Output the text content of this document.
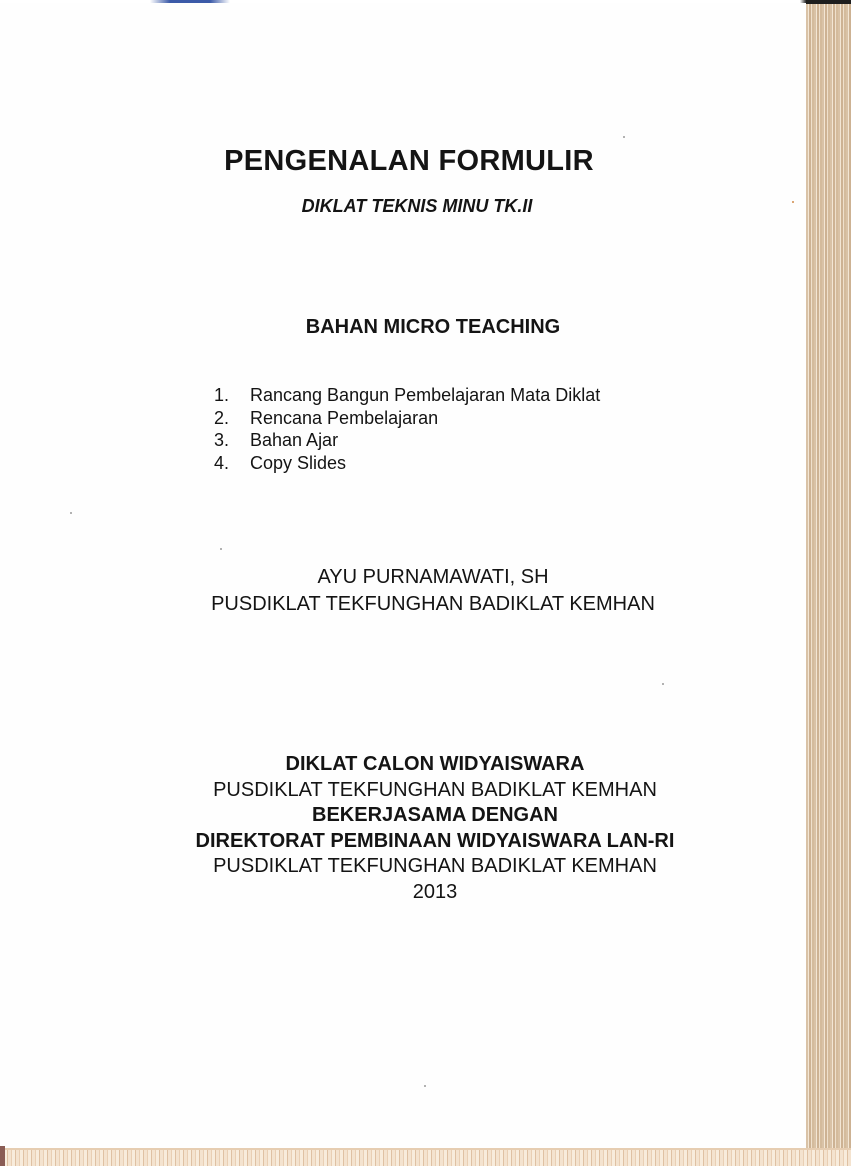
PENGENALAN FORMULIR
DIKLAT TEKNIS MINU TK.II
BAHAN MICRO TEACHING
1.	Rancang Bangun Pembelajaran Mata Diklat
2.	Rencana Pembelajaran
3.	Bahan Ajar
4.	Copy Slides
AYU PURNAMAWATI, SH
PUSDIKLAT TEKFUNGHAN BADIKLAT KEMHAN
DIKLAT CALON WIDYAISWARA
PUSDIKLAT TEKFUNGHAN BADIKLAT KEMHAN
BEKERJASAMA DENGAN
DIREKTORAT PEMBINAAN WIDYAISWARA LAN-RI
PUSDIKLAT TEKFUNGHAN BADIKLAT KEMHAN
2013
